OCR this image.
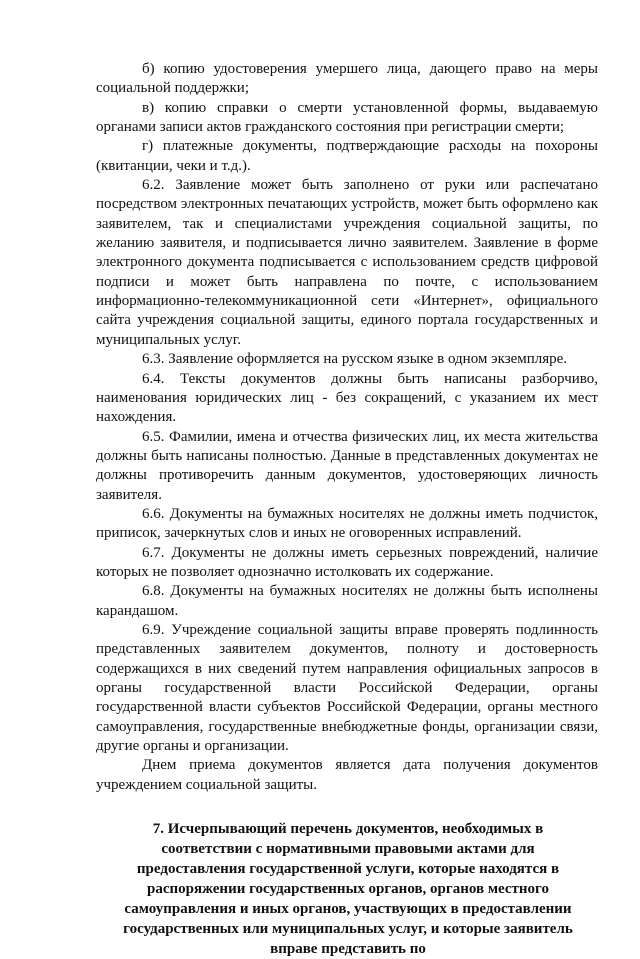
б) копию удостоверения умершего лица, дающего право на меры социальной поддержки;

в) копию справки о смерти установленной формы, выдаваемую органами записи актов гражданского состояния при регистрации смерти;

г) платежные документы, подтверждающие расходы на похороны (квитанции, чеки и т.д.).

6.2. Заявление может быть заполнено от руки или распечатано посредством электронных печатающих устройств, может быть оформлено как заявителем, так и специалистами учреждения социальной защиты, по желанию заявителя, и подписывается лично заявителем. Заявление в форме электронного документа подписывается с использованием средств цифровой подписи и может быть направлена по почте, с использованием информационно-телекоммуникационной сети «Интернет», официального сайта учреждения социальной защиты, единого портала государственных и муниципальных услуг.

6.3. Заявление оформляется на русском языке в одном экземпляре.

6.4. Тексты документов должны быть написаны разборчиво, наименования юридических лиц - без сокращений, с указанием их мест нахождения.

6.5. Фамилии, имена и отчества физических лиц, их места жительства должны быть написаны полностью. Данные в представленных документах не должны противоречить данным документов, удостоверяющих личность заявителя.

6.6. Документы на бумажных носителях не должны иметь подчисток, приписок, зачеркнутых слов и иных не оговоренных исправлений.

6.7. Документы не должны иметь серьезных повреждений, наличие которых не позволяет однозначно истолковать их содержание.

6.8. Документы на бумажных носителях не должны быть исполнены карандашом.

6.9. Учреждение социальной защиты вправе проверять подлинность представленных заявителем документов, полноту и достоверность содержащихся в них сведений путем направления официальных запросов в органы государственной власти Российской Федерации, органы государственной власти субъектов Российской Федерации, органы местного самоуправления, государственные внебюджетные фонды, организации связи, другие органы и организации.

Днем приема документов является дата получения документов учреждением социальной защиты.

7. Исчерпывающий перечень документов, необходимых в соответствии с нормативными правовыми актами для предоставления государственной услуги, которые находятся в распоряжении государственных органов, органов местного самоуправления и иных органов, участвующих в предоставлении государственных или муниципальных услуг, и которые заявитель вправе представить по
